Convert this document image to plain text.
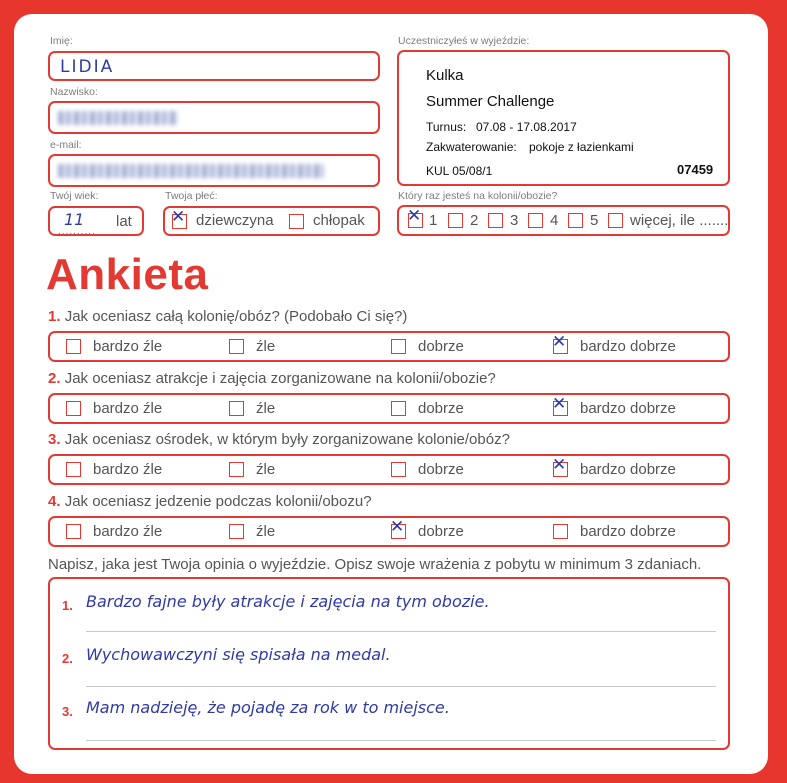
Imię:
LIDIA
Nazwisko:
e-mail:
Twój wiek:
11
..........
lat
Twoja płeć:
✕ dziewczyna	chłopak
Uczestniczyłeś w wyjeździe:
Kulka
Summer Challenge
Turnus: 07.08 - 17.08.2017
Zakwaterowanie: pokoje z łazienkami
KUL 05/08/1	07459
Który raz jesteś na kolonii/obozie?
✕ 1 2 3 4 5 więcej, ile .......
Ankieta
1. Jak oceniasz całą kolonię/obóz? (Podobało Ci się?)
bardzo źle	źle	dobrze	✕ bardzo dobrze
2. Jak oceniasz atrakcje i zajęcia zorganizowane na kolonii/obozie?
bardzo źle	źle	dobrze	✕ bardzo dobrze
3. Jak oceniasz ośrodek, w którym były zorganizowane kolonie/obóz?
bardzo źle	źle	dobrze	✕ bardzo dobrze
4. Jak oceniasz jedzenie podczas kolonii/obozu?
bardzo źle	źle	✕ dobrze	bardzo dobrze
Napisz, jaka jest Twoja opinia o wyjeździe. Opisz swoje wrażenia z pobytu w minimum 3 zdaniach.
1. Bardzo fajne były atrakcje i zajęcia na tym obozie.
2. Wychowawczyni się spisała na medal.
3. Mam nadzieję, że pojadę za rok w to miejsce.
